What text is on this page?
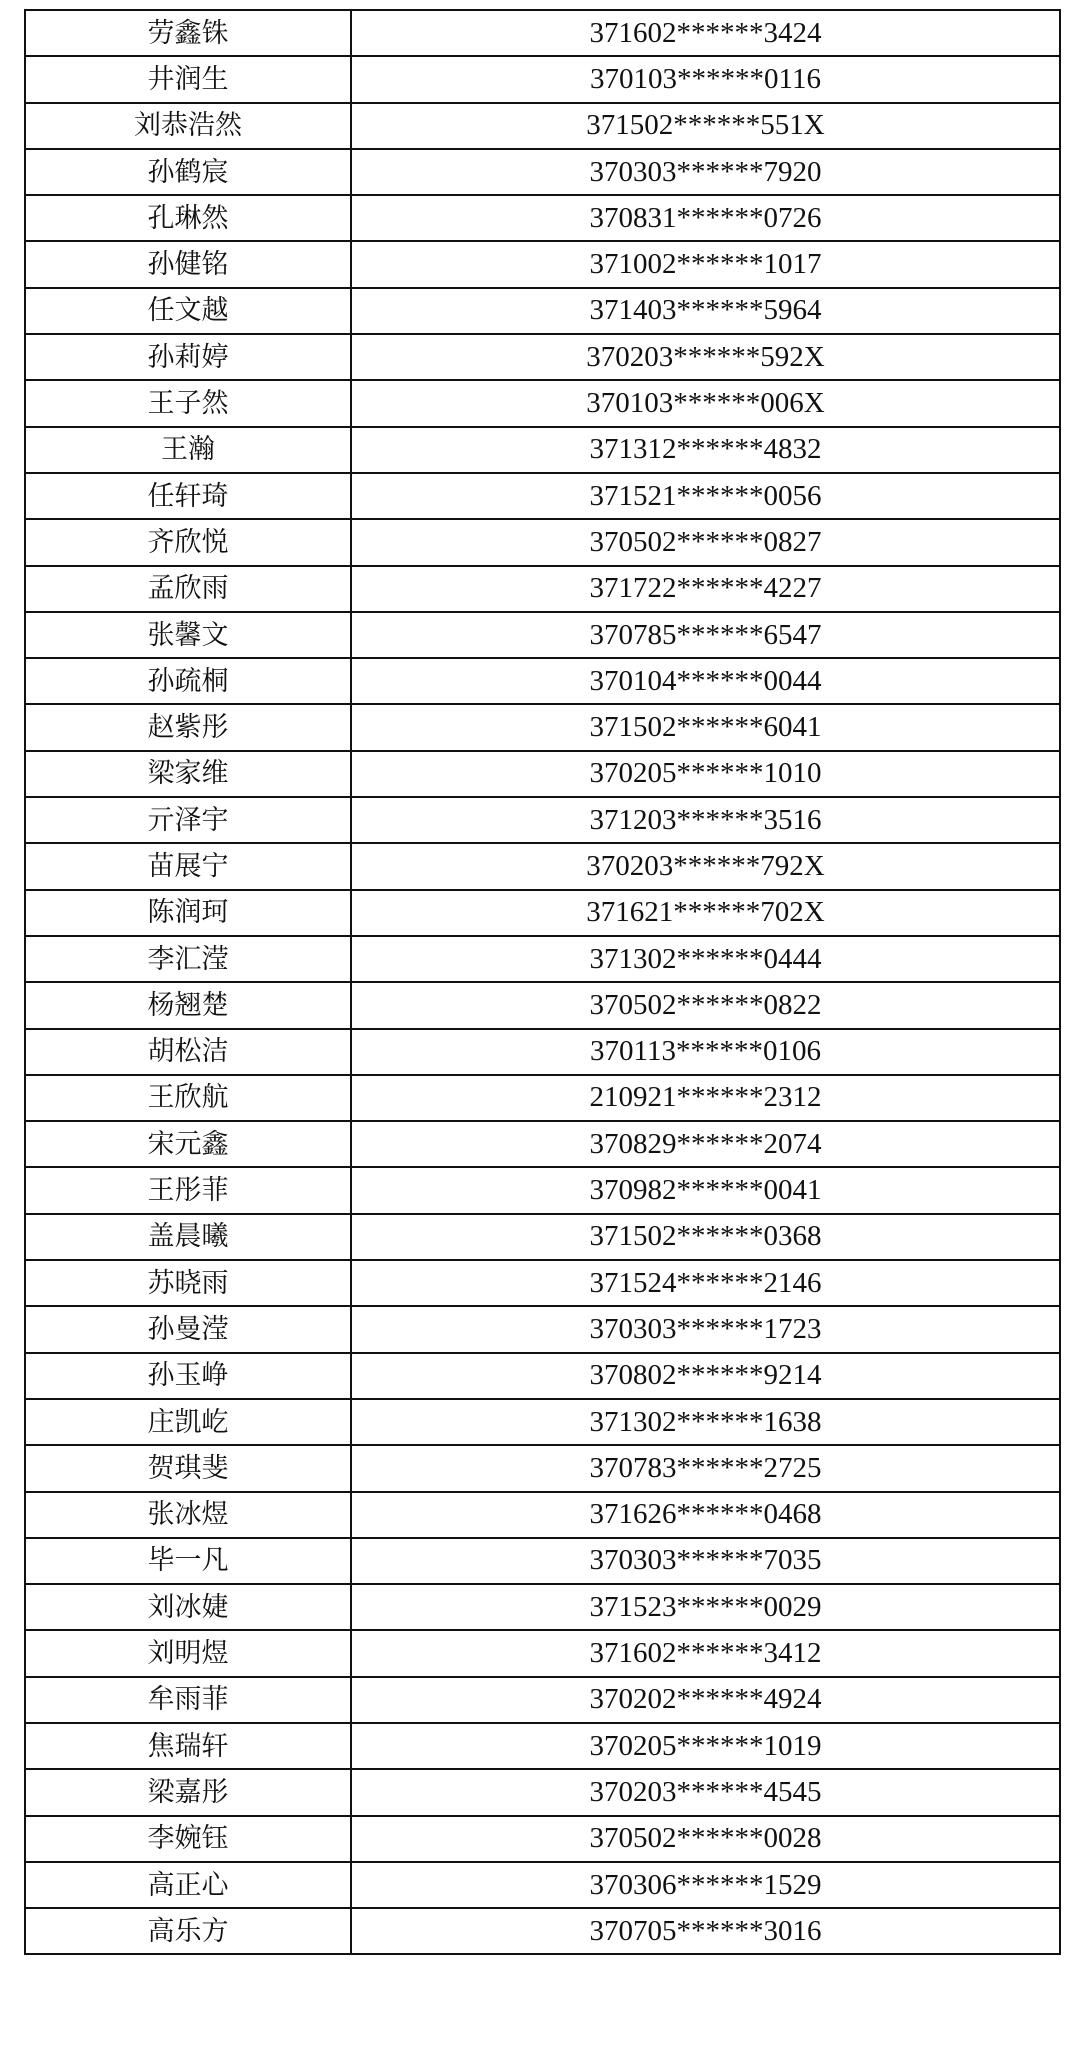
劳鑫铢	371602******3424
井润生	370103******0116
刘恭浩然	371502******551X
孙鹤宸	370303******7920
孔琳然	370831******0726
孙健铭	371002******1017
任文越	371403******5964
孙莉婷	370203******592X
王子然	370103******006X
王瀚	371312******4832
任轩琦	371521******0056
齐欣悦	370502******0827
孟欣雨	371722******4227
张馨文	370785******6547
孙疏桐	370104******0044
赵紫彤	371502******6041
梁家维	370205******1010
亓泽宇	371203******3516
苗展宁	370203******792X
陈润珂	371621******702X
李汇滢	371302******0444
杨翘楚	370502******0822
胡松洁	370113******0106
王欣航	210921******2312
宋元鑫	370829******2074
王彤菲	370982******0041
盖晨曦	371502******0368
苏晓雨	371524******2146
孙曼滢	370303******1723
孙玉峥	370802******9214
庄凯屹	371302******1638
贺琪斐	370783******2725
张冰煜	371626******0468
毕一凡	370303******7035
刘冰婕	371523******0029
刘明煜	371602******3412
牟雨菲	370202******4924
焦瑞轩	370205******1019
梁嘉彤	370203******4545
李婉钰	370502******0028
高正心	370306******1529
高乐方	370705******3016
